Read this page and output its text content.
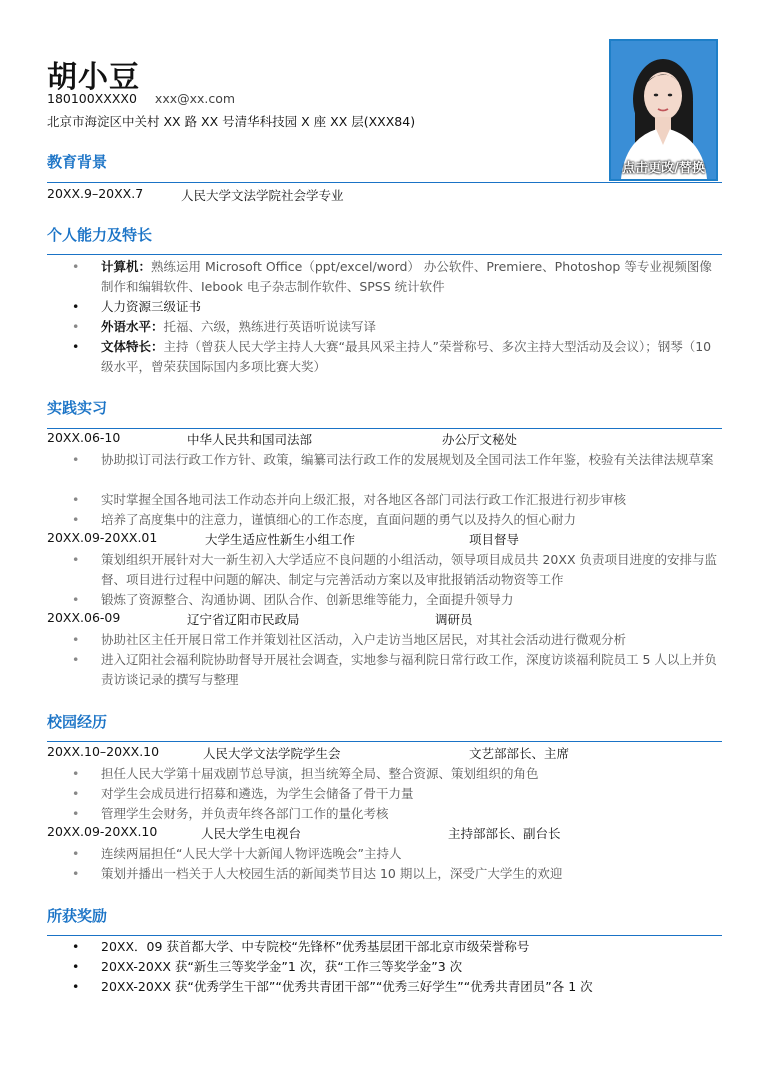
胡小豆
180100XXXX0 xxx@xx.com
北京市海淀区中关村 XX 路 XX 号清华科技园 X 座 XX 层(XXX84)
点击更改/替换
教育背景
20XX.9–20XX.7	人民大学文法学院社会学专业
个人能力及特长
• 计算机：熟练运用 Microsoft Office（ppt/excel/word） 办公软件、Premiere、Photoshop 等专业视频图像制作和编辑软件、Iebook 电子杂志制作软件、SPSS 统计软件
• 人力资源三级证书
• 外语水平：托福、六级，熟练进行英语听说读写译
• 文体特长：主持（曾获人民大学主持人大赛“最具风采主持人”荣誉称号、多次主持大型活动及会议）；钢琴（10 级水平，曾荣获国际国内多项比赛大奖）
实践实习
20XX.06-10	中华人民共和国司法部	办公厅文秘处
• 协助拟订司法行政工作方针、政策，编纂司法行政工作的发展规划及全国司法工作年鉴，校验有关法律法规草案
• 实时掌握全国各地司法工作动态并向上级汇报，对各地区各部门司法行政工作汇报进行初步审核
• 培养了高度集中的注意力，谨慎细心的工作态度，直面问题的勇气以及持久的恒心耐力
20XX.09-20XX.01	大学生适应性新生小组工作	项目督导
• 策划组织开展针对大一新生初入大学适应不良问题的小组活动，领导项目成员共 20XX 负责项目进度的安排与监督、项目进行过程中问题的解决、制定与完善活动方案以及审批报销活动物资等工作
• 锻炼了资源整合、沟通协调、团队合作、创新思维等能力，全面提升领导力
20XX.06-09	辽宁省辽阳市民政局	调研员
• 协助社区主任开展日常工作并策划社区活动，入户走访当地区居民，对其社会活动进行微观分析
• 进入辽阳社会福利院协助督导开展社会调查，实地参与福利院日常行政工作，深度访谈福利院员工 5 人以上并负责访谈记录的撰写与整理
校园经历
20XX.10–20XX.10	人民大学文法学院学生会	文艺部部长、主席
• 担任人民大学第十届戏剧节总导演，担当统筹全局、整合资源、策划组织的角色
• 对学生会成员进行招募和遴选，为学生会储备了骨干力量
• 管理学生会财务，并负责年终各部门工作的量化考核
20XX.09-20XX.10	人民大学生电视台	主持部部长、副台长
• 连续两届担任“人民大学十大新闻人物评选晚会”主持人
• 策划并播出一档关于人大校园生活的新闻类节目达 10 期以上，深受广大学生的欢迎
所获奖励
• 20XX．09 获首都大学、中专院校“先锋杯”优秀基层团干部北京市级荣誉称号
• 20XX-20XX 获“新生三等奖学金”1 次，获“工作三等奖学金”3 次
• 20XX-20XX 获“优秀学生干部”“优秀共青团干部”“优秀三好学生”“优秀共青团员”各 1 次
